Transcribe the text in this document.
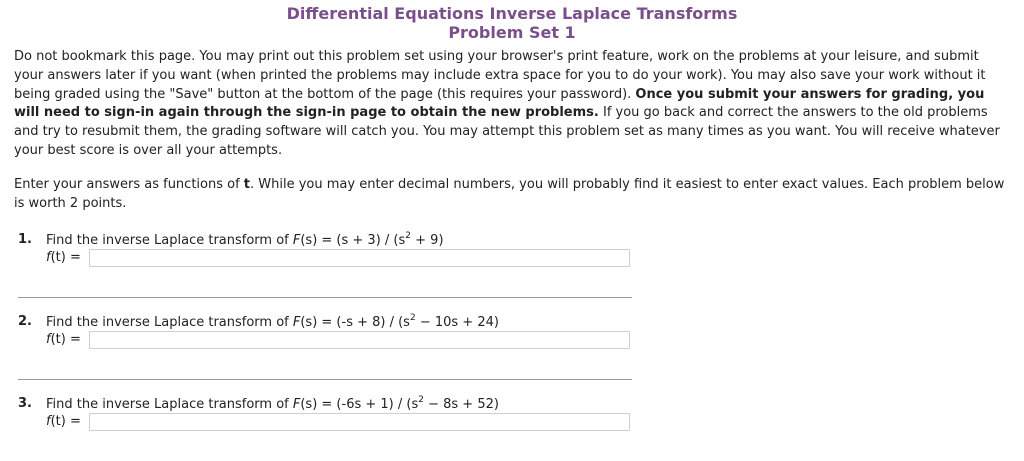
Differential Equations Inverse Laplace Transforms
Problem Set 1

Do not bookmark this page. You may print out this problem set using your browser's print feature, work on the problems at your leisure, and submit your answers later if you want (when printed the problems may include extra space for you to do your work). You may also save your work without it being graded using the "Save" button at the bottom of the page (this requires your password). Once you submit your answers for grading, you will need to sign-in again through the sign-in page to obtain the new problems. If you go back and correct the answers to the old problems and try to resubmit them, the grading software will catch you. You may attempt this problem set as many times as you want. You will receive whatever your best score is over all your attempts.

Enter your answers as functions of t. While you may enter decimal numbers, you will probably find it easiest to enter exact values. Each problem below is worth 2 points.

1. Find the inverse Laplace transform of $F(s) = (s + 3) / (s^2 + 9)$
f(t) =
2. Find the inverse Laplace transform of $F(s) = (-s + 8) / (s^2 - 10s + 24)$
f(t) =
3. Find the inverse Laplace transform of $F(s) = (-6s + 1) / (s^2 - 8s + 52)$
f(t) =
